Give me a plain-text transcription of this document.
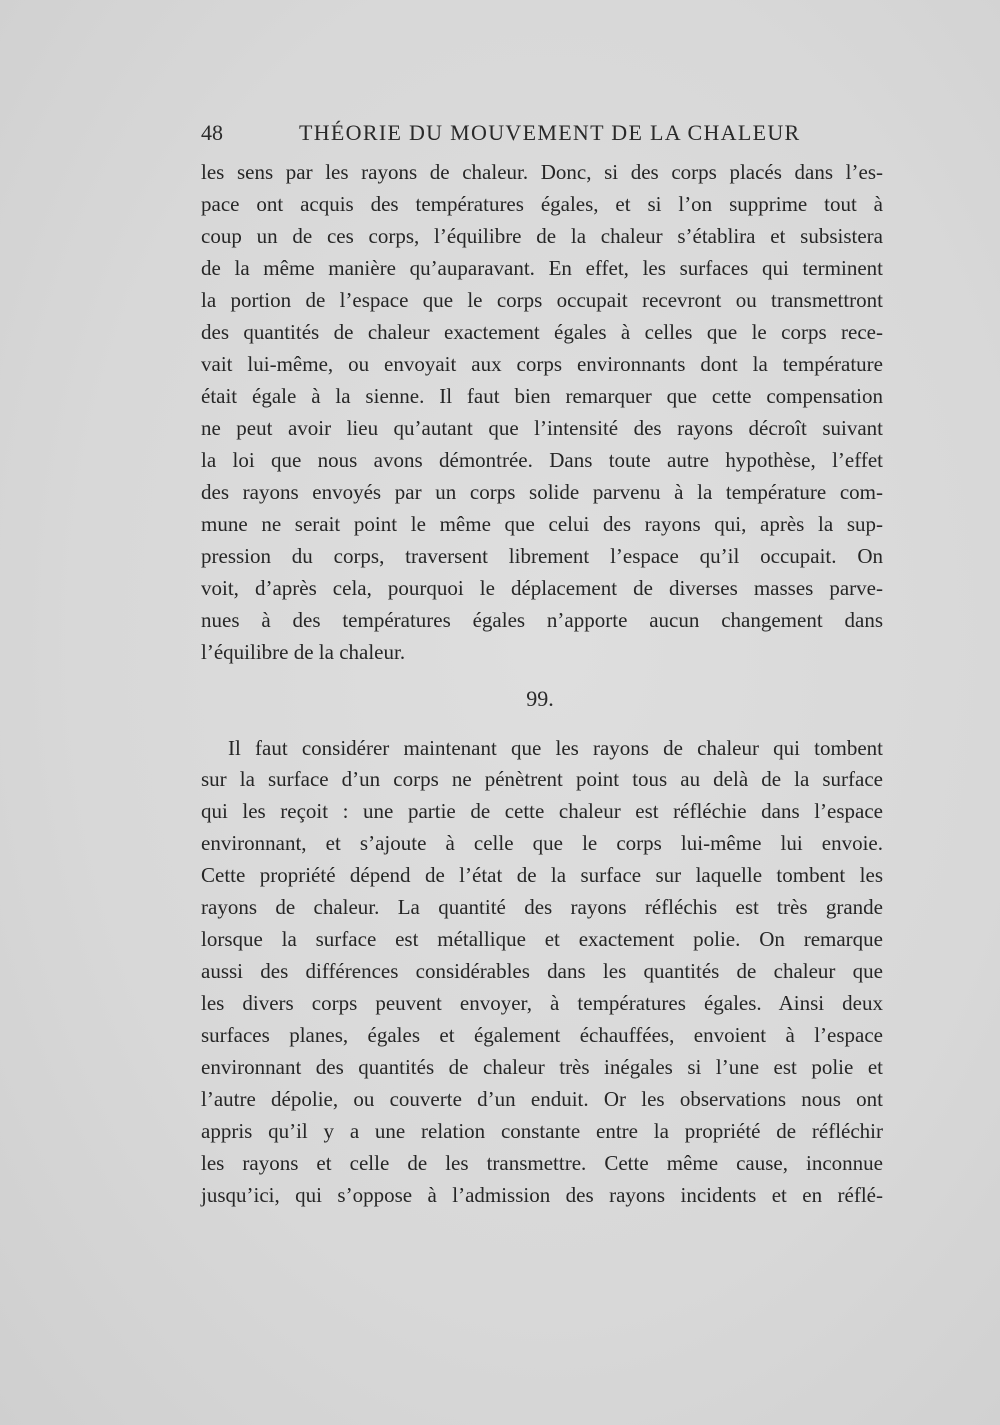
48	THÉORIE DU MOUVEMENT DE LA CHALEUR
les sens par les rayons de chaleur. Donc, si des corps placés dans l’es-
pace ont acquis des températures égales, et si l’on supprime tout à
coup un de ces corps, l’équilibre de la chaleur s’établira et subsistera
de la même manière qu’auparavant. En effet, les surfaces qui terminent
la portion de l’espace que le corps occupait recevront ou transmettront
des quantités de chaleur exactement égales à celles que le corps rece-
vait lui-même, ou envoyait aux corps environnants dont la température
était égale à la sienne. Il faut bien remarquer que cette compensation
ne peut avoir lieu qu’autant que l’intensité des rayons décroît suivant
la loi que nous avons démontrée. Dans toute autre hypothèse, l’effet
des rayons envoyés par un corps solide parvenu à la température com-
mune ne serait point le même que celui des rayons qui, après la sup-
pression du corps, traversent librement l’espace qu’il occupait. On
voit, d’après cela, pourquoi le déplacement de diverses masses parve-
nues à des températures égales n’apporte aucun changement dans
l’équilibre de la chaleur.
99.
Il faut considérer maintenant que les rayons de chaleur qui tombent
sur la surface d’un corps ne pénètrent point tous au delà de la surface
qui les reçoit : une partie de cette chaleur est réfléchie dans l’espace
environnant, et s’ajoute à celle que le corps lui-même lui envoie.
Cette propriété dépend de l’état de la surface sur laquelle tombent les
rayons de chaleur. La quantité des rayons réfléchis est très grande
lorsque la surface est métallique et exactement polie. On remarque
aussi des différences considérables dans les quantités de chaleur que
les divers corps peuvent envoyer, à températures égales. Ainsi deux
surfaces planes, égales et également échauffées, envoient à l’espace
environnant des quantités de chaleur très inégales si l’une est polie et
l’autre dépolie, ou couverte d’un enduit. Or les observations nous ont
appris qu’il y a une relation constante entre la propriété de réfléchir
les rayons et celle de les transmettre. Cette même cause, inconnue
jusqu’ici, qui s’oppose à l’admission des rayons incidents et en réflé-
